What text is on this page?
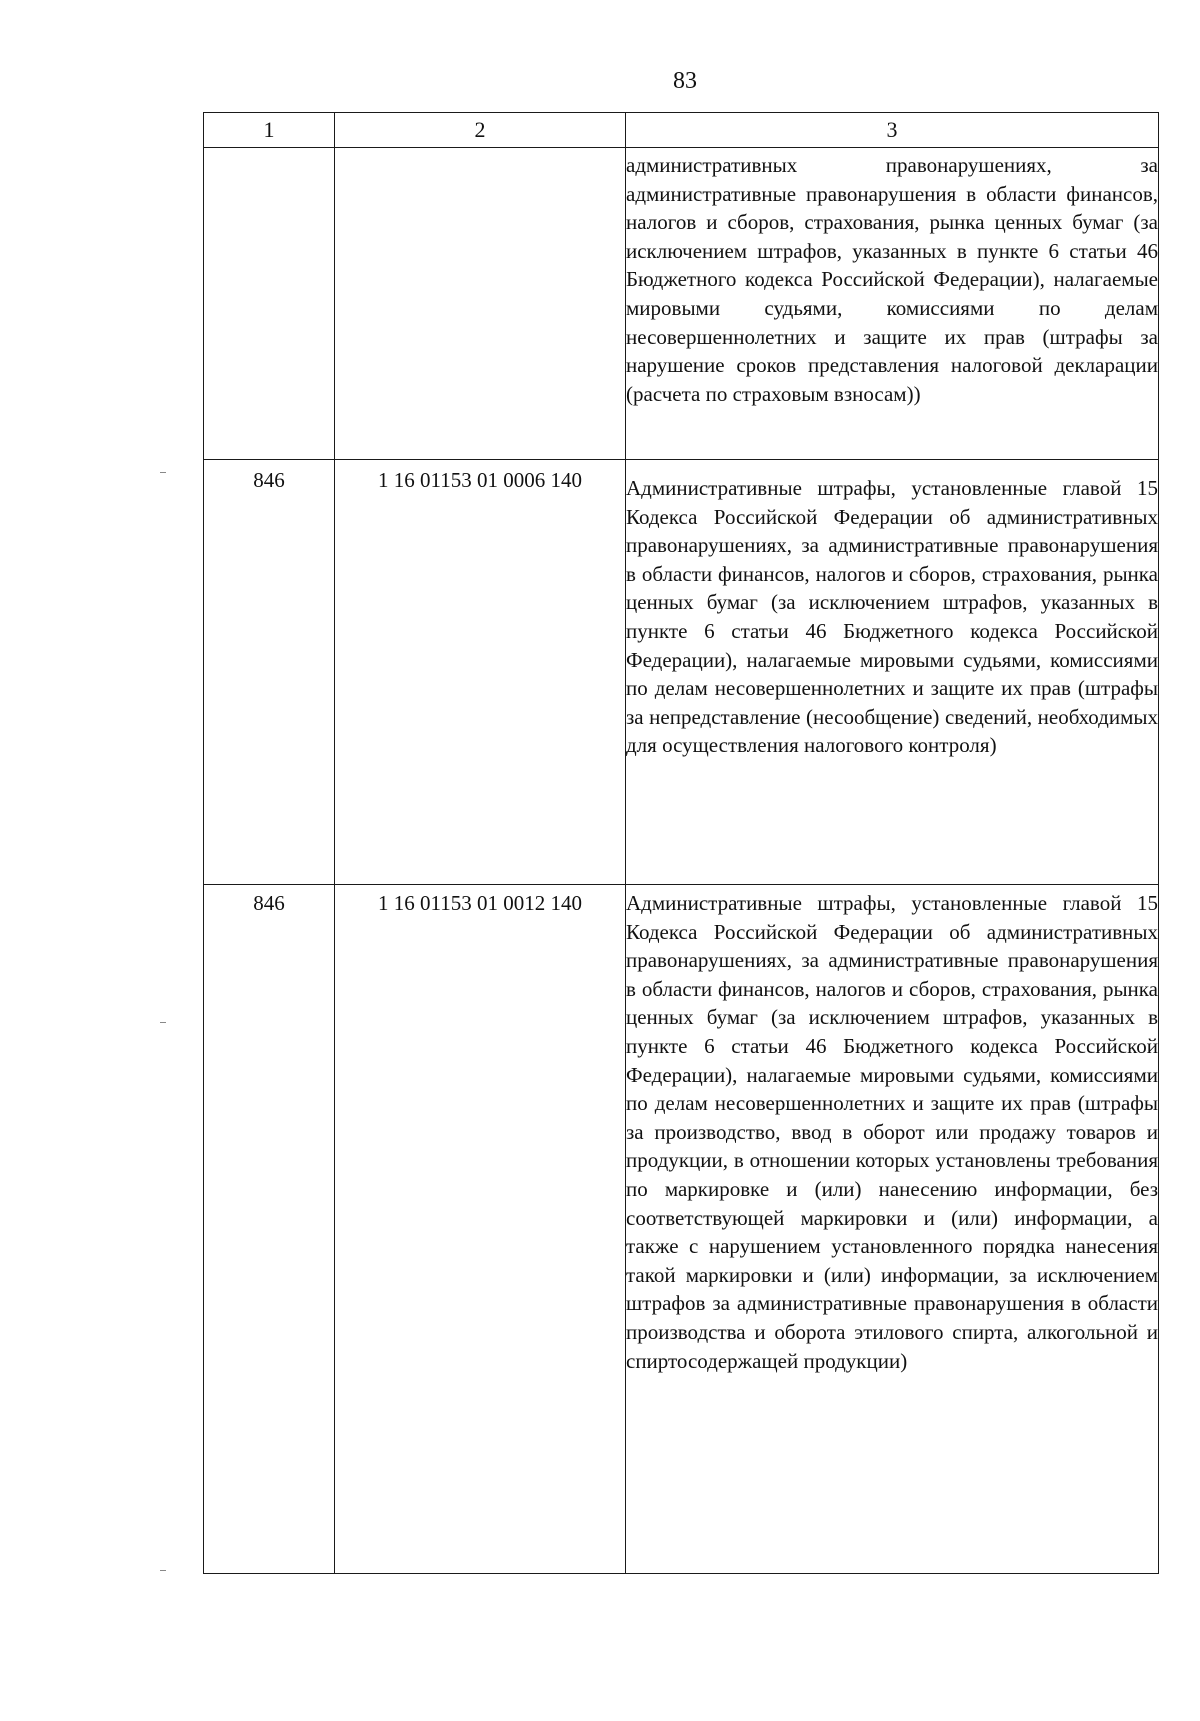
83
1	2	3
		административных правонарушениях, за административные правонарушения в области финансов, налогов и сборов, страхования, рынка ценных бумаг (за исключением штрафов, указанных в пункте 6 статьи 46 Бюджетного кодекса Российской Федерации), налагаемые мировыми судьями, комиссиями по делам несовершеннолетних и защите их прав (штрафы за нарушение сроков представления налоговой декларации (расчета по страховым взносам))
846	1 16 01153 01 0006 140	Административные штрафы, установленные главой 15 Кодекса Российской Федерации об административных правонарушениях, за административные правонарушения в области финансов, налогов и сборов, страхования, рынка ценных бумаг (за исключением штрафов, указанных в пункте 6 статьи 46 Бюджетного кодекса Российской Федерации), налагаемые мировыми судьями, комиссиями по делам несовершеннолетних и защите их прав (штрафы за непредставление (несообщение) сведений, необходимых для осуществления налогового контроля)
846	1 16 01153 01 0012 140	Административные штрафы, установленные главой 15 Кодекса Российской Федерации об административных правонарушениях, за административные правонарушения в области финансов, налогов и сборов, страхования, рынка ценных бумаг (за исключением штрафов, указанных в пункте 6 статьи 46 Бюджетного кодекса Российской Федерации), налагаемые мировыми судьями, комиссиями по делам несовершеннолетних и защите их прав (штрафы за производство, ввод в оборот или продажу товаров и продукции, в отношении которых установлены требования по маркировке и (или) нанесению информации, без соответствующей маркировки и (или) информации, а также с нарушением установленного порядка нанесения такой маркировки и (или) информации, за исключением штрафов за административные правонарушения в области производства и оборота этилового спирта, алкогольной и спиртосодержащей продукции)
